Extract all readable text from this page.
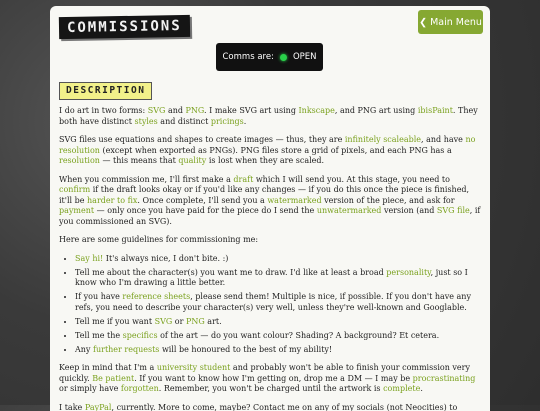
COMMISSIONS	❮ Main Menu
Comms are: OPEN
DESCRIPTION

I do art in two forms: SVG and PNG. I make SVG art using Inkscape, and PNG art using ibisPaint. They both have distinct styles and distinct pricings.

SVG files use equations and shapes to create images — thus, they are infinitely scaleable, and have no resolution (except when exported as PNGs). PNG files store a grid of pixels, and each PNG has a resolution — this means that quality is lost when they are scaled.

When you commission me, I'll first make a draft which I will send you. At this stage, you need to confirm if the draft looks okay or if you'd like any changes — if you do this once the piece is finished, it'll be harder to fix. Once complete, I'll send you a watermarked version of the piece, and ask for payment — only once you have paid for the piece do I send the unwatermarked version (and SVG file, if you commissioned an SVG).

Here are some guidelines for commissioning me:

• Say hi! It's always nice, I don't bite. :)
• Tell me about the character(s) you want me to draw. I'd like at least a broad personality, just so I know who I'm drawing a little better.
• If you have reference sheets, please send them! Multiple is nice, if possible. If you don't have any refs, you need to describe your character(s) very well, unless they're well-known and Googlable.
• Tell me if you want SVG or PNG art.
• Tell me the specifics of the art — do you want colour? Shading? A background? Et cetera.
• Any further requests will be honoured to the best of my ability!

Keep in mind that I'm a university student and probably won't be able to finish your commission very quickly. Be patient. If you want to know how I'm getting on, drop me a DM — I may be procrastinating or simply have forgotten. Remember, you won't be charged until the artwork is complete.

I take PayPal, currently. More to come, maybe? Contact me on any of my socials (not Neocities) to
